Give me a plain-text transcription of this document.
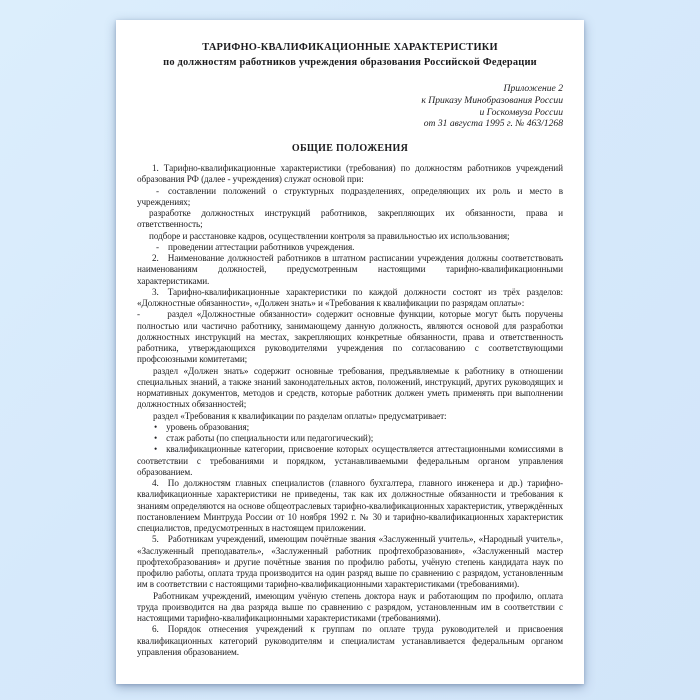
ТАРИФНО-КВАЛИФИКАЦИОННЫЕ ХАРАКТЕРИСТИКИ
по должностям работников учреждения образования Российской Федерации
Приложение 2
к Приказу Минобразования России
и Госкомвуза России
от 31 августа 1995 г. № 463/1268
ОБЩИЕ ПОЛОЖЕНИЯ

1. Тарифно-квалификационные характеристики (требования) по должностям работников учреждений образования РФ (далее - учреждения) служат основой при:

-  составлении положений о структурных подразделениях, определяющих их роль и место в учреждениях;

разработке должностных инструкций работников, закрепляющих их обязанности, права и ответственность;

подборе и расстановке кадров, осуществлении контроля за правильностью их использования;

-  проведении аттестации работников учреждения.

2.  Наименование должностей работников в штатном расписании учреждения должны соответствовать наименованиям должностей, предусмотренным настоящими тарифно-квалификационными характеристиками.

3.  Тарифно-квалификационные характеристики по каждой должности состоят из трёх разделов: «Должностные обязанности», «Должен знать» и «Требования к квалификации по разрядам оплаты»:

-   раздел «Должностные обязанности» содержит основные функции, которые могут быть поручены полностью или частично работнику, занимающему данную должность, являются основой для разработки должностных инструкций на местах, закрепляющих конкретные обязанности, права и ответственность работника, утверждающихся руководителями учреждения по согласованию с соответствующими профсоюзными комитетами;

раздел «Должен знать» содержит основные требования, предъявляемые к работнику в отношении специальных знаний, а также знаний законодательных актов, положений, инструкций, других руководящих и нормативных документов, методов и средств, которые работник должен уметь применять при выполнении должностных обязанностей;

раздел «Требования к квалификации по разделам оплаты» предусматривает:

•  уровень образования;

•  стаж работы (по специальности или педагогический);

•  квалификационные категории, присвоение которых осуществляется аттестационными комиссиями в соответствии с требованиями и порядком, устанавливаемыми федеральным органом управления образованием.

4.  По должностям главных специалистов (главного бухгалтера, главного инженера и др.) тарифно-квалификационные характеристики не приведены, так как их должностные обязанности и требования к знаниям определяются на основе общеотраслевых тарифно-квалификационных характеристик, утверждённых постановлением Минтруда России от 10 ноября 1992 г. № 30 и тарифно-квалификационных характеристик специалистов, предусмотренных в настоящем приложении.

5.  Работникам учреждений, имеющим почётные звания «Заслуженный учитель», «Народный учитель», «Заслуженный преподаватель», «Заслуженный работник профтехобразования», «Заслуженный мастер профтехобразования» и другие почётные звания по профилю работы, учёную степень кандидата наук по профилю работы, оплата труда производится на один разряд выше по сравнению с разрядом, установленным им в соответствии с настоящими тарифно-квалификационными характеристиками (требованиями).

Работникам учреждений, имеющим учёную степень доктора наук и работающим по профилю, оплата труда производится на два разряда выше по сравнению с разрядом, установленным им в соответствии с настоящими тарифно-квалификационными характеристиками (требованиями).

6.  Порядок отнесения учреждений к группам по оплате труда руководителей и присвоения квалификационных категорий руководителям и специалистам устанавливается федеральным органом управления образованием.
